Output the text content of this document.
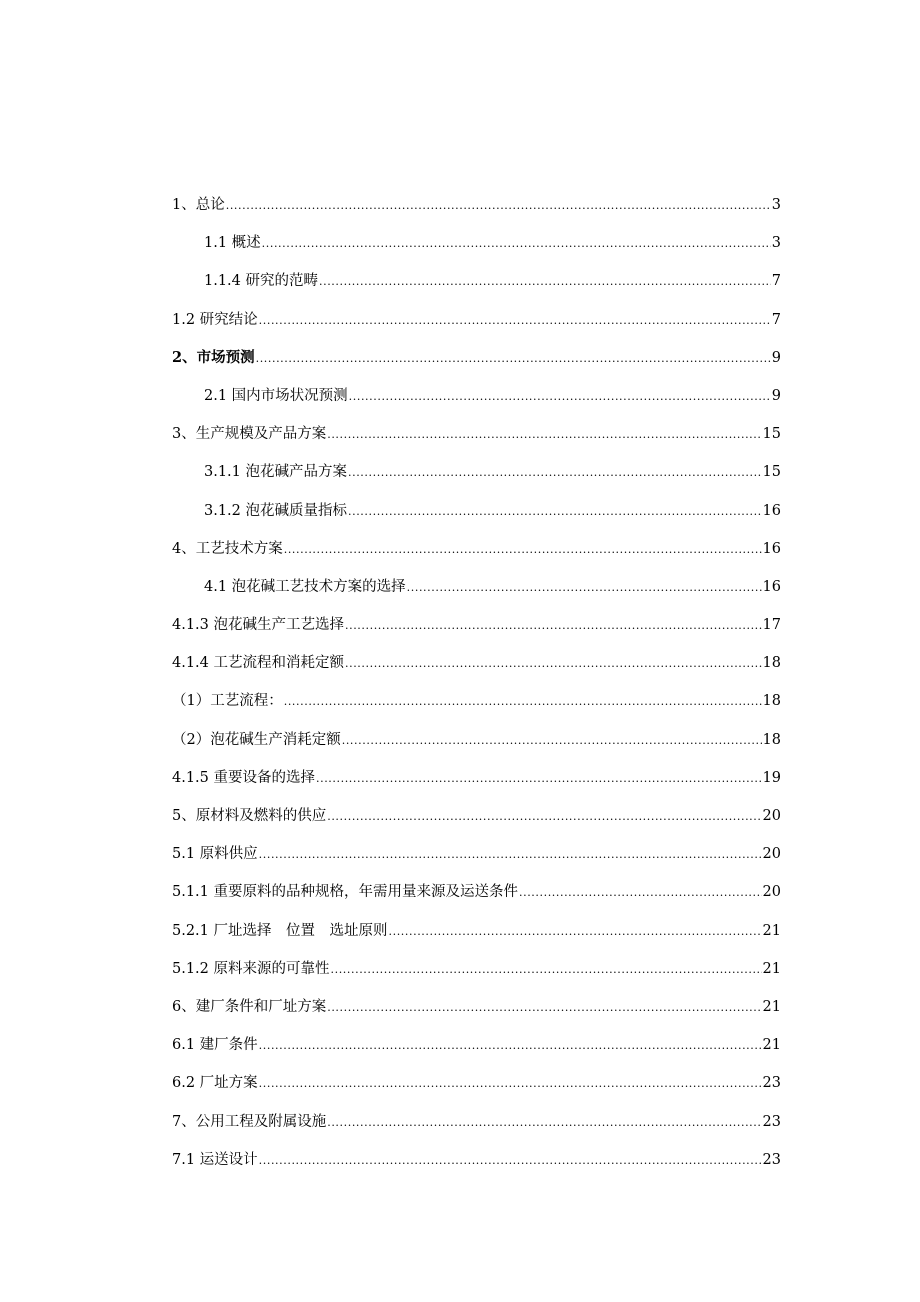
1、总论 .....	3
1.1 概述 .....	3
1.1.4 研究的范畴 .....	7
1.2 研究结论 .....	7
2、市场预测 .....	9
2.1 国内市场状况预测 .....	9
3、生产规模及产品方案 .....	15
3.1.1 泡花碱产品方案 .....	15
3.1.2 泡花碱质量指标 .....	16
4、工艺技术方案 .....	16
4.1 泡花碱工艺技术方案的选择 .....	16
4.1.3 泡花碱生产工艺选择 .....	17
4.1.4 工艺流程和消耗定额 .....	18
（1）工艺流程： .....	18
（2）泡花碱生产消耗定额 .....	18
4.1.5 重要设备的选择 .....	19
5、原材料及燃料的供应 .....	20
5.1 原料供应 .....	20
5.1.1 重要原料的品种规格，年需用量来源及运送条件 .....	20
5.2.1 厂址选择　位置　选址原则 .....	21
5.1.2 原料来源的可靠性 .....	21
6、建厂条件和厂址方案 .....	21
6.1 建厂条件 .....	21
6.2 厂址方案 .....	23
7、公用工程及附属设施 .....	23
7.1 运送设计 .....	23
